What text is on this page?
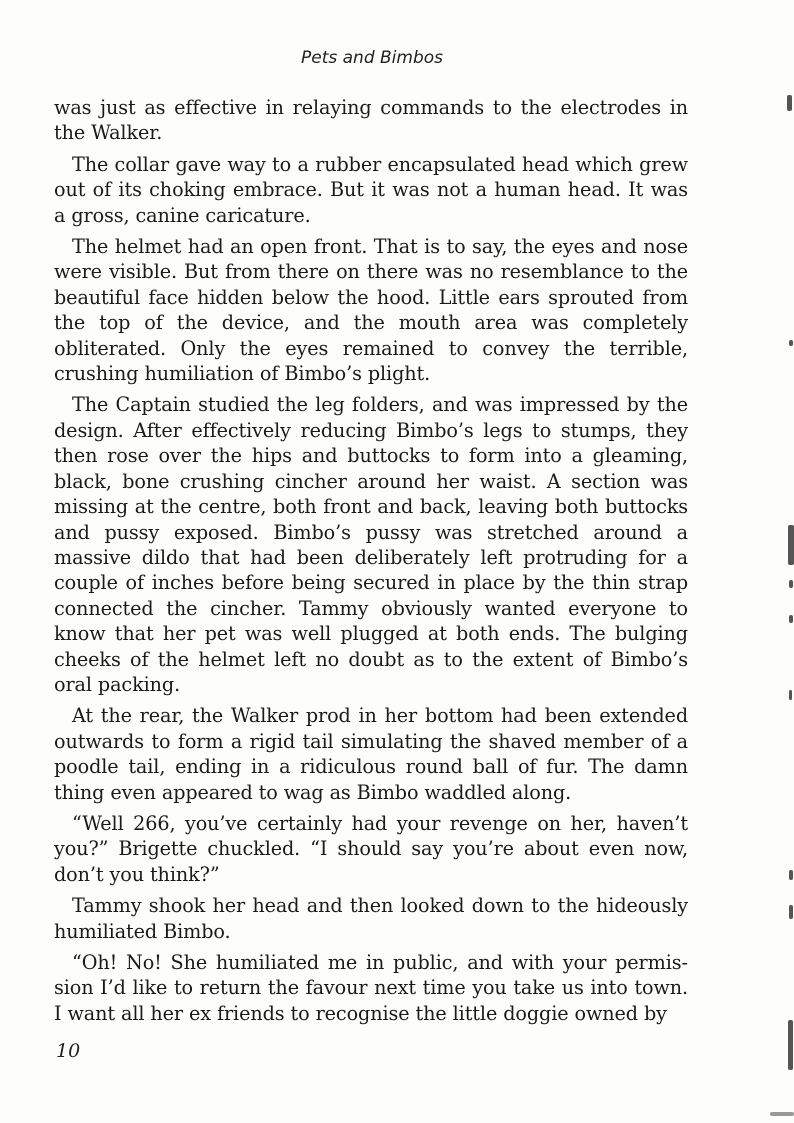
Pets and Bimbos

was just as effective in relaying commands to the electrodes in the Walker.

The collar gave way to a rubber encapsulated head which grew out of its choking embrace. But it was not a human head. It was a gross, canine caricature.

The helmet had an open front. That is to say, the eyes and nose were visible. But from there on there was no resemblance to the beautiful face hidden below the hood. Little ears sprouted from the top of the device, and the mouth area was completely obliterated. Only the eyes remained to convey the terrible, crushing humiliation of Bimbo’s plight.

The Captain studied the leg folders, and was impressed by the design. After effectively reducing Bimbo’s legs to stumps, they then rose over the hips and buttocks to form into a gleaming, black, bone crushing cincher around her waist. A section was missing at the centre, both front and back, leaving both buttocks and pussy exposed. Bimbo’s pussy was stretched around a massive dildo that had been deliberately left protruding for a couple of inches before being secured in place by the thin strap connected the cincher. Tammy obviously wanted everyone to know that her pet was well plugged at both ends. The bulging cheeks of the helmet left no doubt as to the extent of Bimbo’s oral packing.

At the rear, the Walker prod in her bottom had been extended outwards to form a rigid tail simulating the shaved member of a poodle tail, ending in a ridiculous round ball of fur. The damn thing even appeared to wag as Bimbo waddled along.

“Well 266, you’ve certainly had your revenge on her, haven’t you?” Brigette chuckled. “I should say you’re about even now, don’t you think?”

Tammy shook her head and then looked down to the hideously humiliated Bimbo.

“Oh! No! She humiliated me in public, and with your permission I’d like to return the favour next time you take us into town. I want all her ex friends to recognise the little doggie owned by

10
